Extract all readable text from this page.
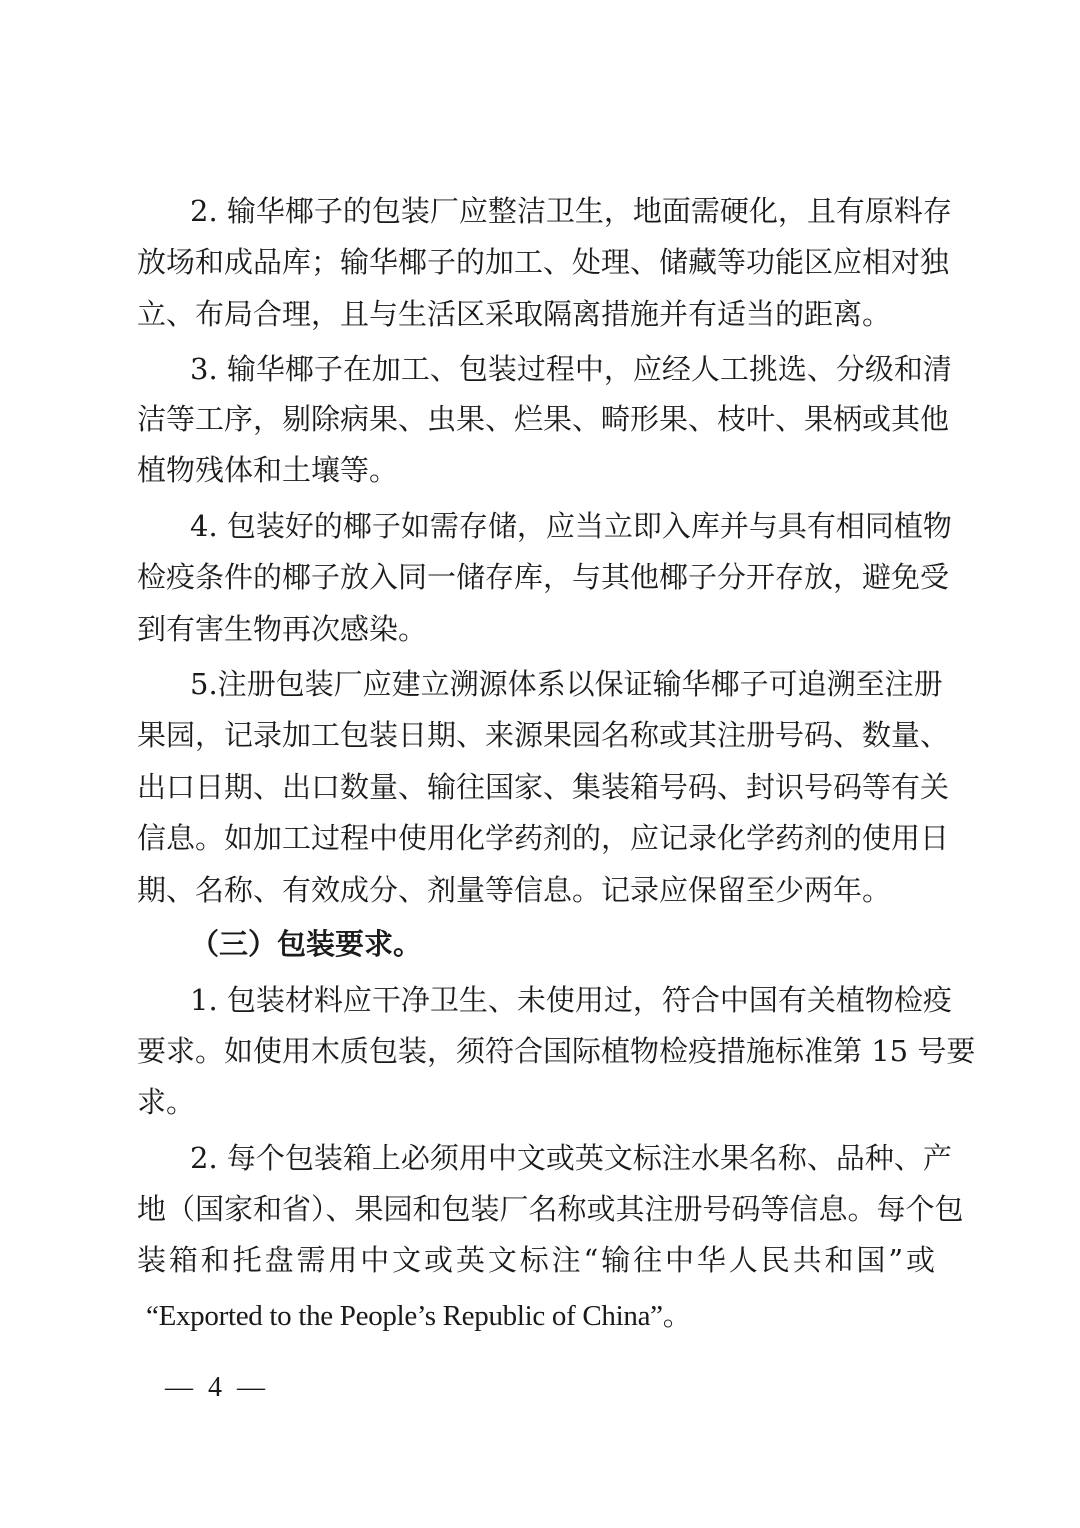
2. 输华椰子的包装厂应整洁卫生，地面需硬化，且有原料存
放场和成品库；输华椰子的加工、处理、储藏等功能区应相对独
立、布局合理，且与生活区采取隔离措施并有适当的距离。
3. 输华椰子在加工、包装过程中，应经人工挑选、分级和清
洁等工序，剔除病果、虫果、烂果、畸形果、枝叶、果柄或其他
植物残体和土壤等。
4. 包装好的椰子如需存储，应当立即入库并与具有相同植物
检疫条件的椰子放入同一储存库，与其他椰子分开存放，避免受
到有害生物再次感染。
5.注册包装厂应建立溯源体系以保证输华椰子可追溯至注册
果园，记录加工包装日期、来源果园名称或其注册号码、数量、
出口日期、出口数量、输往国家、集装箱号码、封识号码等有关
信息。如加工过程中使用化学药剂的，应记录化学药剂的使用日
期、名称、有效成分、剂量等信息。记录应保留至少两年。
（三）包装要求。
1. 包装材料应干净卫生、未使用过，符合中国有关植物检疫
要求。如使用木质包装，须符合国际植物检疫措施标准第 15 号要
求。
2. 每个包装箱上必须用中文或英文标注水果名称、品种、产
地（国家和省）、果园和包装厂名称或其注册号码等信息。每个包
装箱和托盘需用中文或英文标注“输往中华人民共和国”或
“Exported to the People’s Republic of China”。
— 4 —
